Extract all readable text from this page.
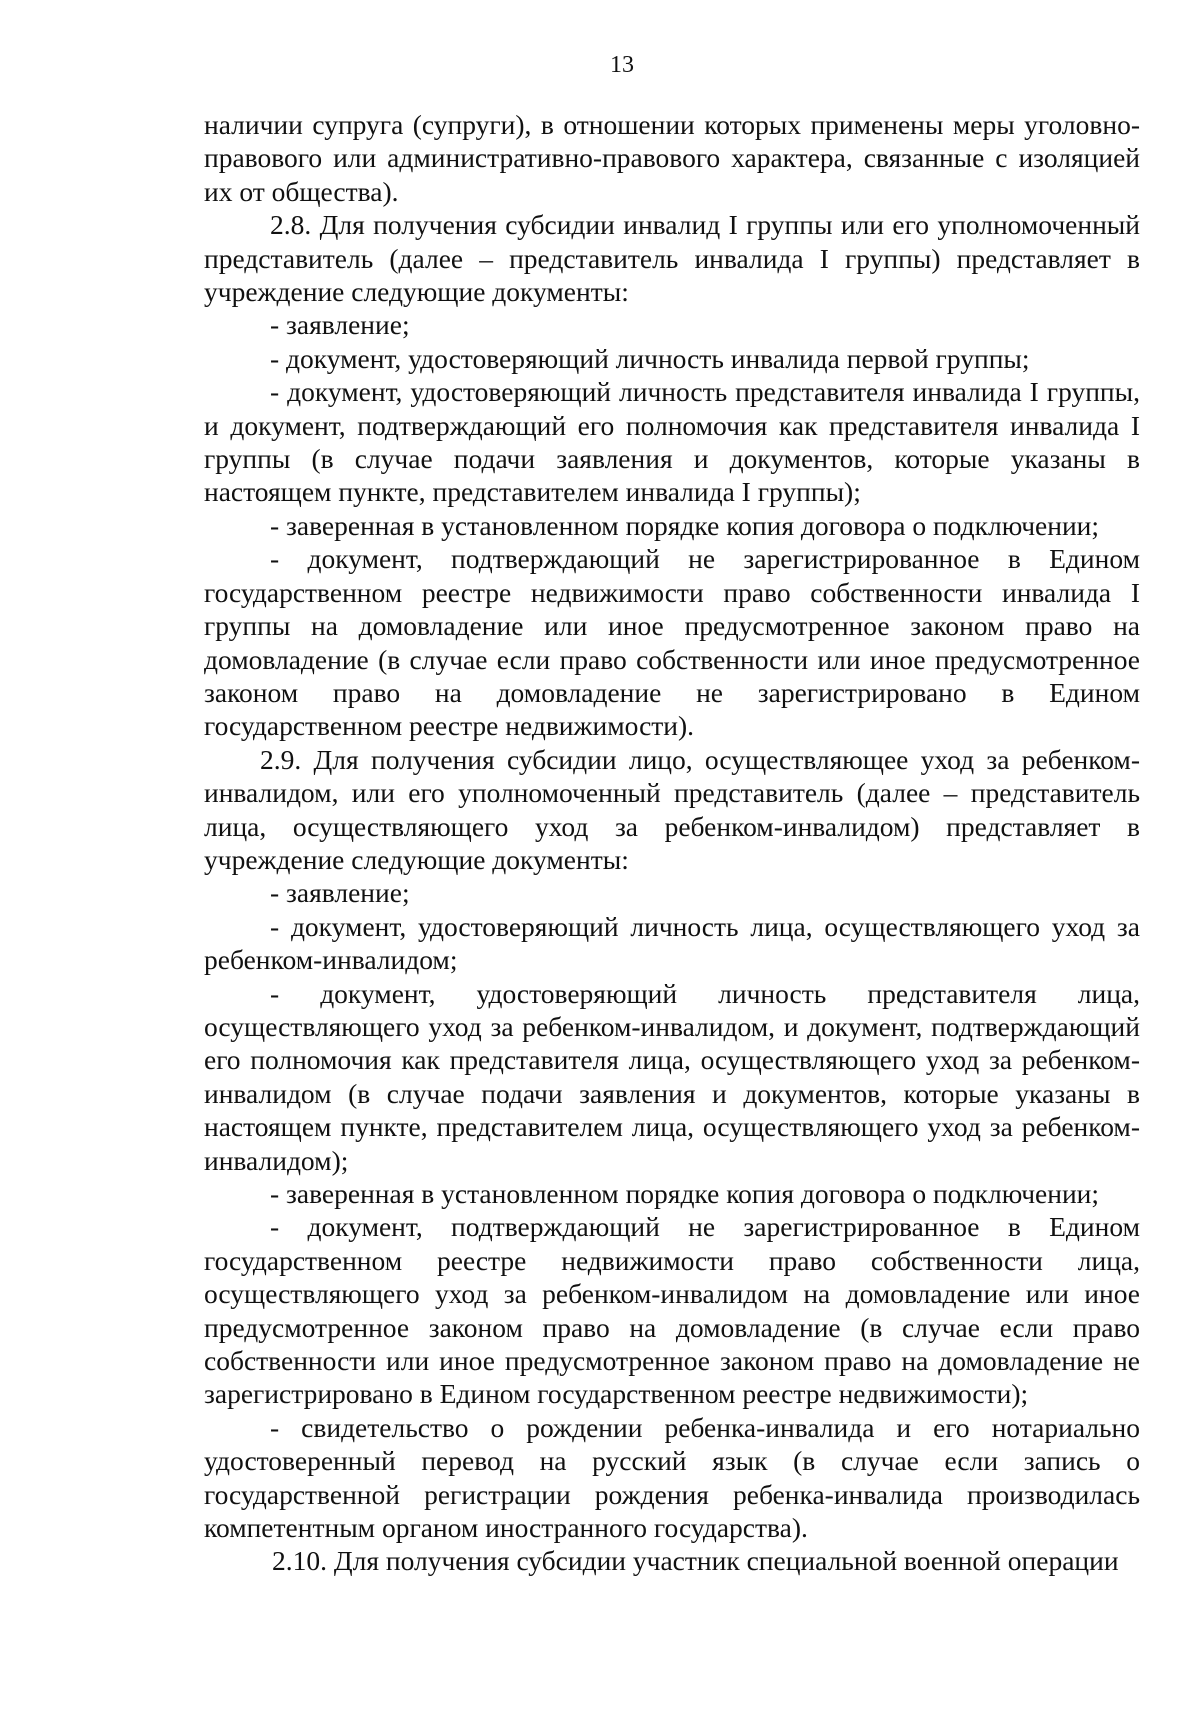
13

наличии супруга (супруги), в отношении которых применены меры уголовно-правового или административно-правового характера, связанные с изоляцией их от общества).

2.8. Для получения субсидии инвалид I группы или его уполномоченный представитель (далее – представитель инвалида I группы) представляет в учреждение следующие документы:

- заявление;

- документ, удостоверяющий личность инвалида первой группы;

- документ, удостоверяющий личность представителя инвалида I группы, и документ, подтверждающий его полномочия как представителя инвалида I группы (в случае подачи заявления и документов, которые указаны в настоящем пункте, представителем инвалида I группы);

- заверенная в установленном порядке копия договора о подключении;

- документ, подтверждающий не зарегистрированное в Едином государственном реестре недвижимости право собственности инвалида I группы на домовладение или иное предусмотренное законом право на домовладение (в случае если право собственности или иное предусмотренное законом право на домовладение не зарегистрировано в Едином государственном реестре недвижимости).

2.9. Для получения субсидии лицо, осуществляющее уход за ребенком-инвалидом, или его уполномоченный представитель (далее – представитель лица, осуществляющего уход за ребенком-инвалидом) представляет в учреждение следующие документы:

- заявление;

- документ, удостоверяющий личность лица, осуществляющего уход за ребенком-инвалидом;

- документ, удостоверяющий личность представителя лица, осуществляющего уход за ребенком-инвалидом, и документ, подтверждающий его полномочия как представителя лица, осуществляющего уход за ребенком-инвалидом (в случае подачи заявления и документов, которые указаны в настоящем пункте, представителем лица, осуществляющего уход за ребенком-инвалидом);

- заверенная в установленном порядке копия договора о подключении;

- документ, подтверждающий не зарегистрированное в Едином государственном реестре недвижимости право собственности лица, осуществляющего уход за ребенком-инвалидом на домовладение или иное предусмотренное законом право на домовладение (в случае если право собственности или иное предусмотренное законом право на домовладение не зарегистрировано в Едином государственном реестре недвижимости);

- свидетельство о рождении ребенка-инвалида и его нотариально удостоверенный перевод на русский язык (в случае если запись о государственной регистрации рождения ребенка-инвалида производилась компетентным органом иностранного государства).

2.10. Для получения субсидии участник специальной военной операции
